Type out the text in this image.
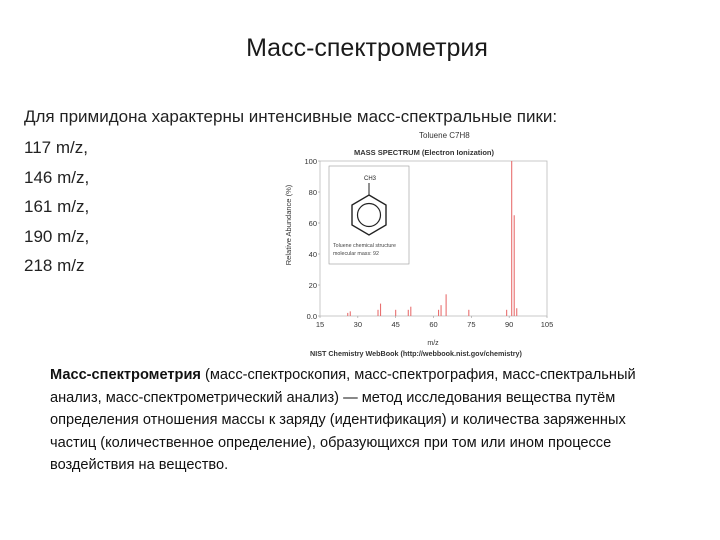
Масс-спектрометрия
Для примидона характерны интенсивные масс-спектральные пики:
117 m/z,
146 m/z,
161 m/z,
190 m/z,
218 m/z
Toluene C7H8
MASS SPECTRUM (Electron Ionization)
Relative Abundance (%)
m/z
CH3
Toluene chemical structure
molecular mass: 92
0.0
20
40
60
80
100
15	30	45	60	75	90	105
NIST Chemistry WebBook (http://webbook.nist.gov/chemistry)
Масс-спектрометрия (масс-спектроскопия, масс-спектрография, масс-спектральный анализ, масс-спектрометрический анализ) — метод исследования вещества путём определения отношения массы к заряду (идентификация) и количества заряженных частиц (количественное определение), образующихся при том или ином процессе воздействия на вещество.
